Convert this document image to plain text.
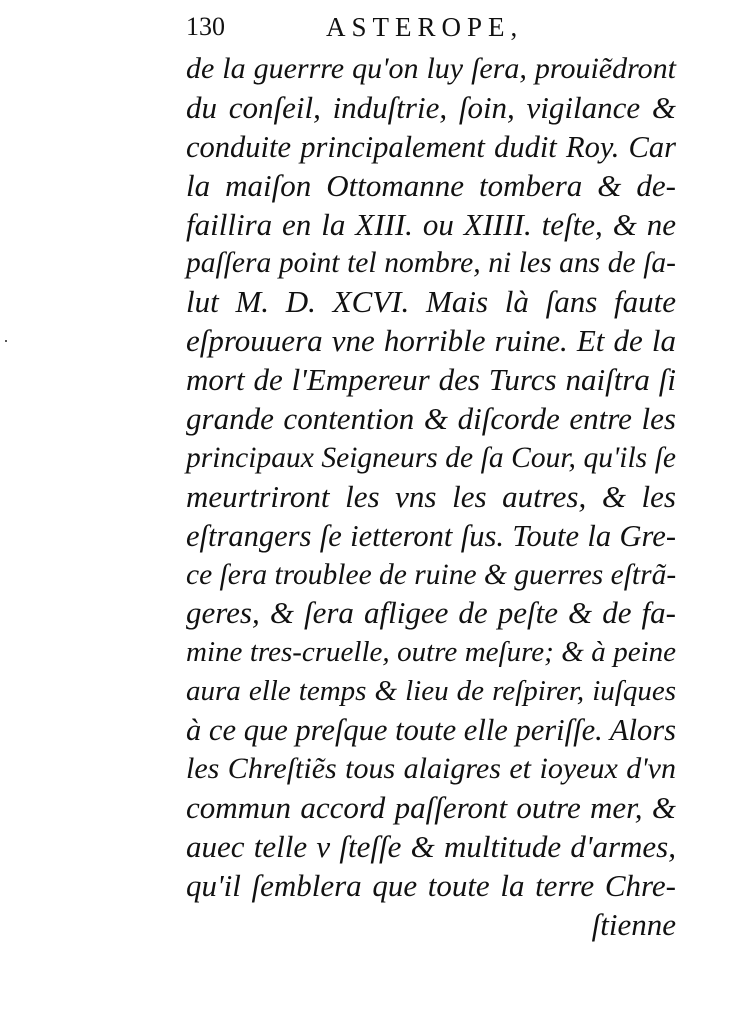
130	ASTEROPE,
de la guerrre qu'on luy ſera, prouiẽdront
du conſeil, induſtrie, ſoin, vigilance &
conduite principalement dudit Roy. Car
la maiſon Ottomanne tombera & de-
faillira en la XIII. ou XIIII. teſte, & ne
paſſera point tel nombre, ni les ans de ſa-
lut M. D. XCVI. Mais là ſans faute
eſprouuera vne horrible ruine. Et de la
mort de l'Empereur des Turcs naiſtra ſi
grande contention & diſcorde entre les
principaux Seigneurs de ſa Cour, qu'ils ſe
meurtriront les vns les autres, & les
eſtrangers ſe ietteront ſus. Toute la Gre-
ce ſera troublee de ruine & guerres eſtrã-
geres, & ſera afligee de peſte & de fa-
mine tres-cruelle, outre meſure; & à peine
aura elle temps & lieu de reſpirer, iuſques
à ce que preſque toute elle periſſe. Alors
les Chreſtiẽs tous alaigres et ioyeux d'vn
commun accord paſſeront outre mer, &
auec telle v ſteſſe & multitude d'armes,
qu'il ſemblera que toute la terre Chre-
ſtienne
